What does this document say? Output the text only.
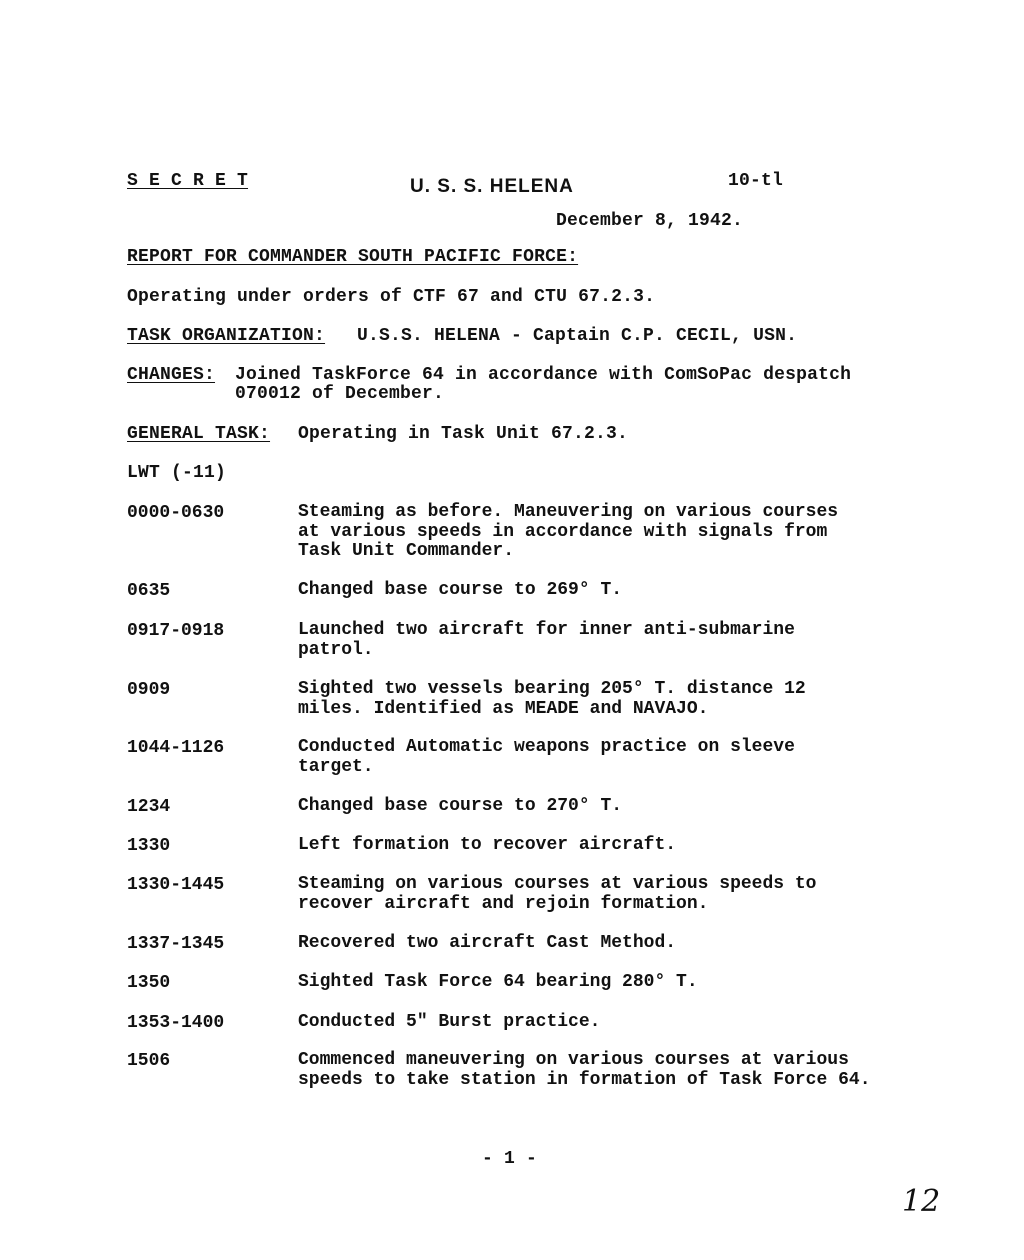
S E C R E T	U. S. S. HELENA	10-tl
December 8, 1942.
REPORT FOR COMMANDER SOUTH PACIFIC FORCE:
Operating under orders of CTF 67 and CTU 67.2.3.
TASK ORGANIZATION: U.S.S. HELENA - Captain C.P. CECIL, USN.
CHANGES: Joined TaskForce 64 in accordance with ComSoPac despatch
070012 of December.
GENERAL TASK: Operating in Task Unit 67.2.3.
LWT (-11)
0000-0630	Steaming as before. Maneuvering on various courses
at various speeds in accordance with signals from
Task Unit Commander.
0635	Changed base course to 269° T.
0917-0918	Launched two aircraft for inner anti-submarine
patrol.
0909	Sighted two vessels bearing 205° T. distance 12
miles. Identified as MEADE and NAVAJO.
1044-1126	Conducted Automatic weapons practice on sleeve
target.
1234	Changed base course to 270° T.
1330	Left formation to recover aircraft.
1330-1445	Steaming on various courses at various speeds to
recover aircraft and rejoin formation.
1337-1345	Recovered two aircraft Cast Method.
1350	Sighted Task Force 64 bearing 280° T.
1353-1400	Conducted 5" Burst practice.
1506	Commenced maneuvering on various courses at various
speeds to take station in formation of Task Force 64.
- 1 -
12
